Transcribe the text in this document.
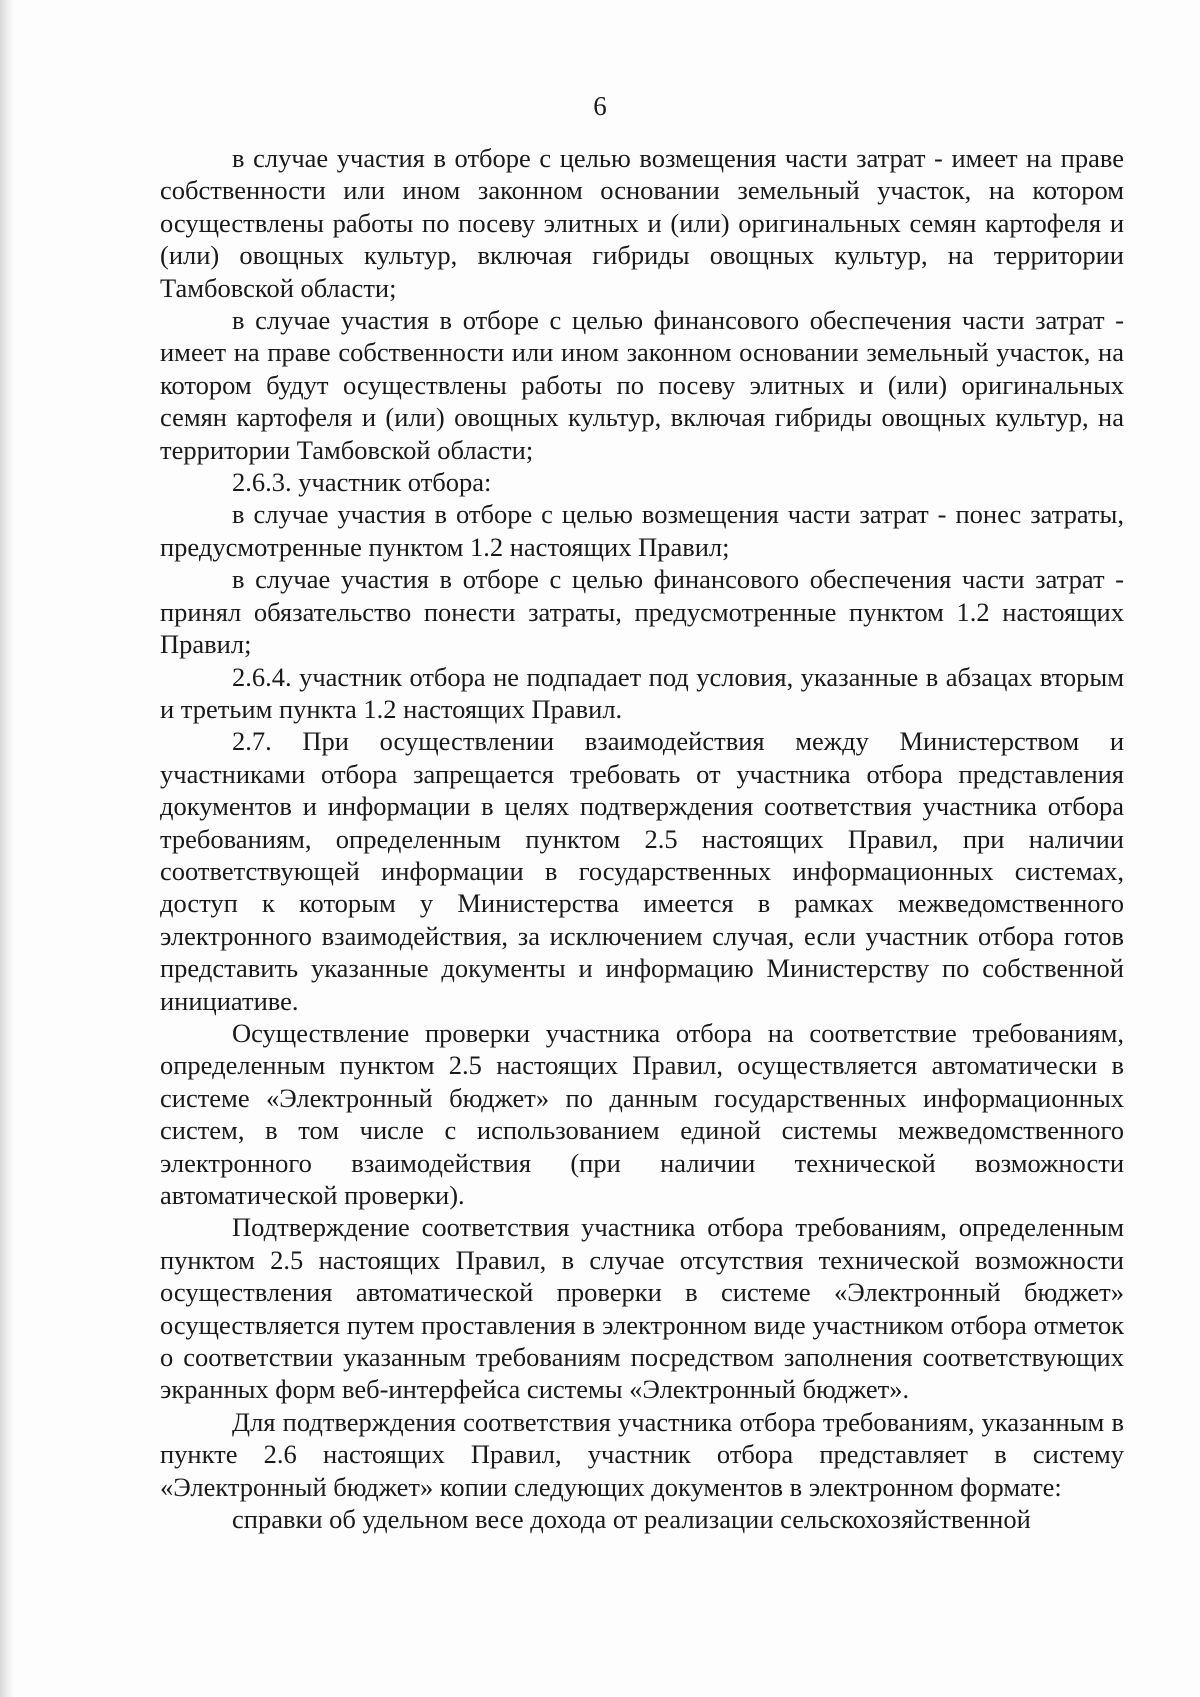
6

в случае участия в отборе с целью возмещения части затрат - имеет на праве собственности или ином законном основании земельный участок, на котором осуществлены работы по посеву элитных и (или) оригинальных семян картофеля и (или) овощных культур, включая гибриды овощных культур, на территории Тамбовской области;

в случае участия в отборе с целью финансового обеспечения части затрат - имеет на праве собственности или ином законном основании земельный участок, на котором будут осуществлены работы по посеву элитных и (или) оригинальных семян картофеля и (или) овощных культур, включая гибриды овощных культур, на территории Тамбовской области;

2.6.3. участник отбора:

в случае участия в отборе с целью возмещения части затрат - понес затраты, предусмотренные пунктом 1.2 настоящих Правил;

в случае участия в отборе с целью финансового обеспечения части затрат - принял обязательство понести затраты, предусмотренные пунктом 1.2 настоящих Правил;

2.6.4. участник отбора не подпадает под условия, указанные в абзацах вторым и третьим пункта 1.2 настоящих Правил.

2.7. При осуществлении взаимодействия между Министерством и участниками отбора запрещается требовать от участника отбора представления документов и информации в целях подтверждения соответствия участника отбора требованиям, определенным пунктом 2.5 настоящих Правил, при наличии соответствующей информации в государственных информационных системах, доступ к которым у Министерства имеется в рамках межведомственного электронного взаимодействия, за исключением случая, если участник отбора готов представить указанные документы и информацию Министерству по собственной инициативе.

Осуществление проверки участника отбора на соответствие требованиям, определенным пунктом 2.5 настоящих Правил, осуществляется автоматически в системе «Электронный бюджет» по данным государственных информационных систем, в том числе с использованием единой системы межведомственного электронного взаимодействия (при наличии технической возможности автоматической проверки).

Подтверждение соответствия участника отбора требованиям, определенным пунктом 2.5 настоящих Правил, в случае отсутствия технической возможности осуществления автоматической проверки в системе «Электронный бюджет» осуществляется путем проставления в электронном виде участником отбора отметок о соответствии указанным требованиям посредством заполнения соответствующих экранных форм веб-интерфейса системы «Электронный бюджет».

Для подтверждения соответствия участника отбора требованиям, указанным в пункте 2.6 настоящих Правил, участник отбора представляет в систему «Электронный бюджет» копии следующих документов в электронном формате:

справки об удельном весе дохода от реализации сельскохозяйственной
